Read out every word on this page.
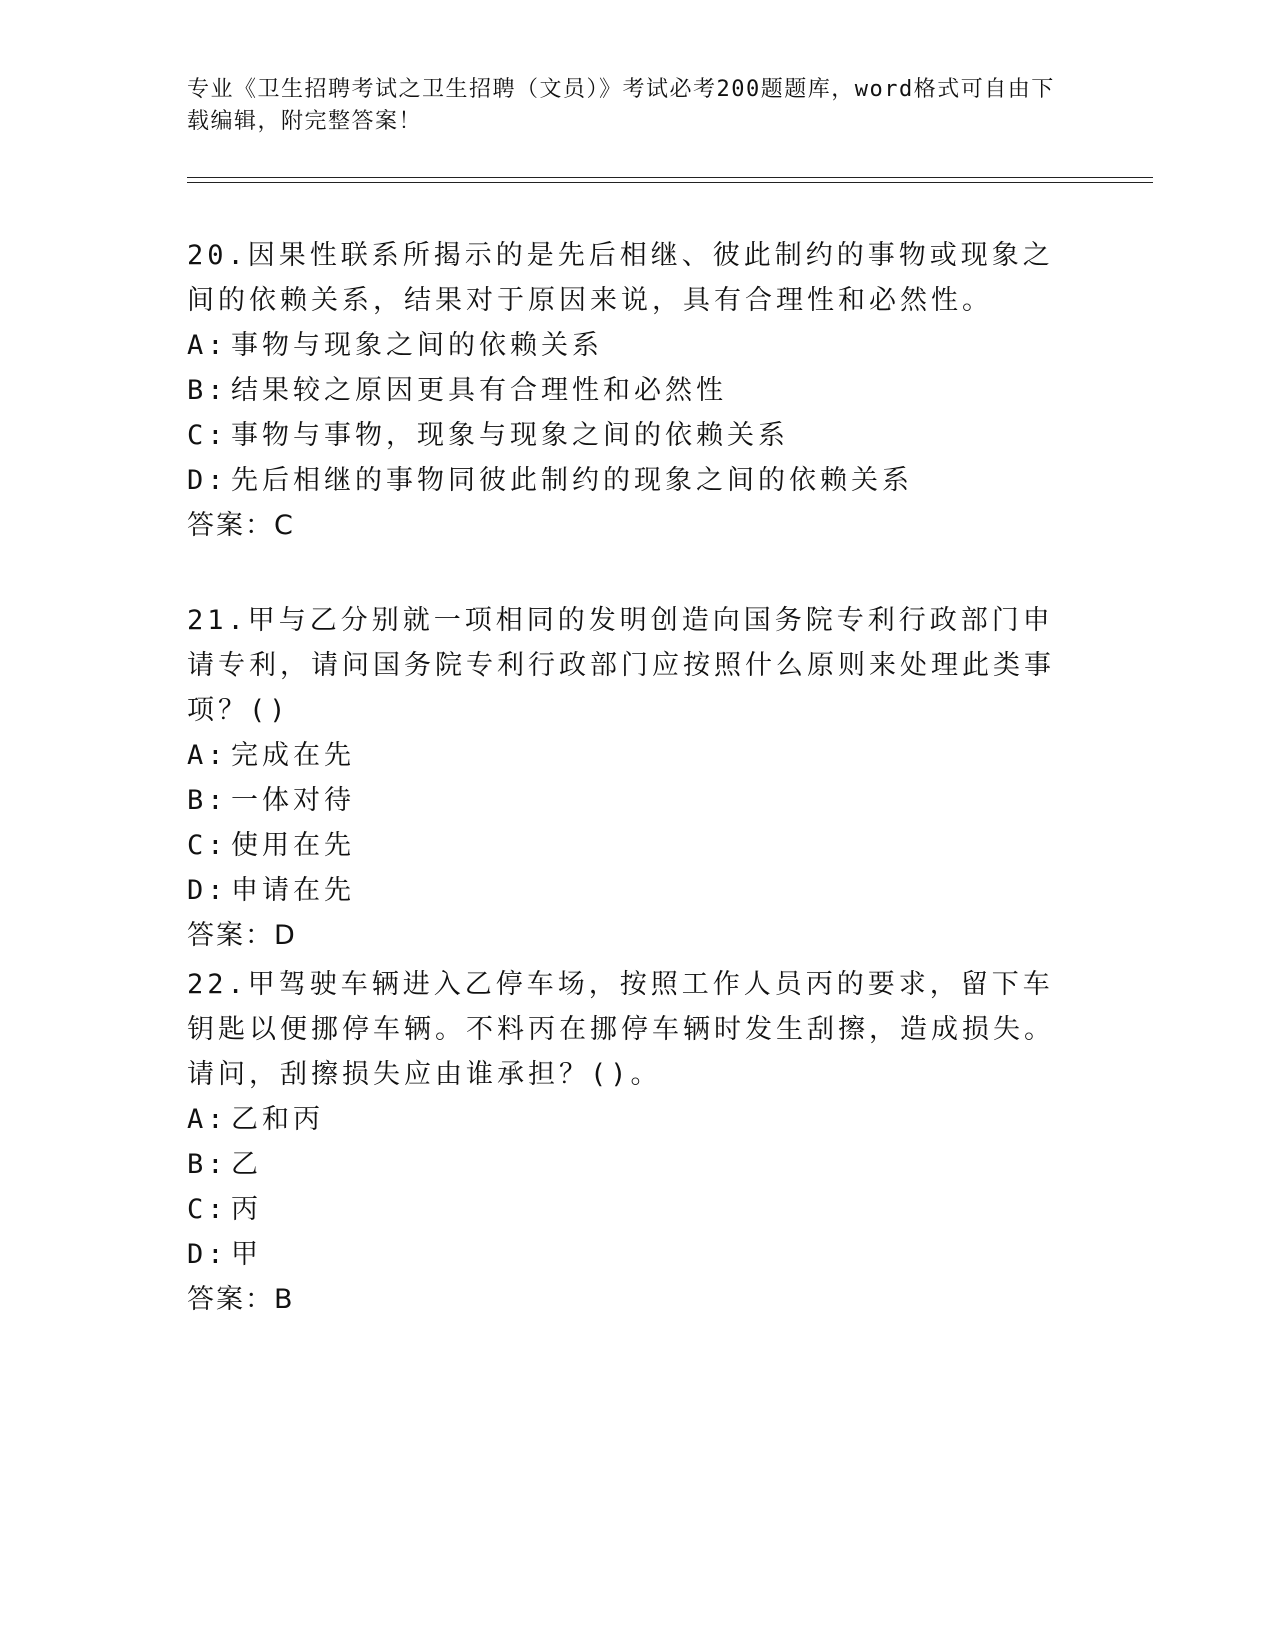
专业《卫生招聘考试之卫生招聘（文员）》考试必考200题题库，word格式可自由下载编辑，附完整答案！

20.因果性联系所揭示的是先后相继、彼此制约的事物或现象之间的依赖关系，结果对于原因来说，具有合理性和必然性。

A: 事物与现象之间的依赖关系

B: 结果较之原因更具有合理性和必然性

C: 事物与事物，现象与现象之间的依赖关系

D: 先后相继的事物同彼此制约的现象之间的依赖关系

答案：C

21.甲与乙分别就一项相同的发明创造向国务院专利行政部门申请专利，请问国务院专利行政部门应按照什么原则来处理此类事项？()

A: 完成在先

B: 一体对待

C: 使用在先

D: 申请在先

答案：D

22.甲驾驶车辆进入乙停车场，按照工作人员丙的要求，留下车钥匙以便挪停车辆。不料丙在挪停车辆时发生刮擦，造成损失。请问，刮擦损失应由谁承担？()。

A: 乙和丙

B: 乙

C: 丙

D: 甲

答案：B
